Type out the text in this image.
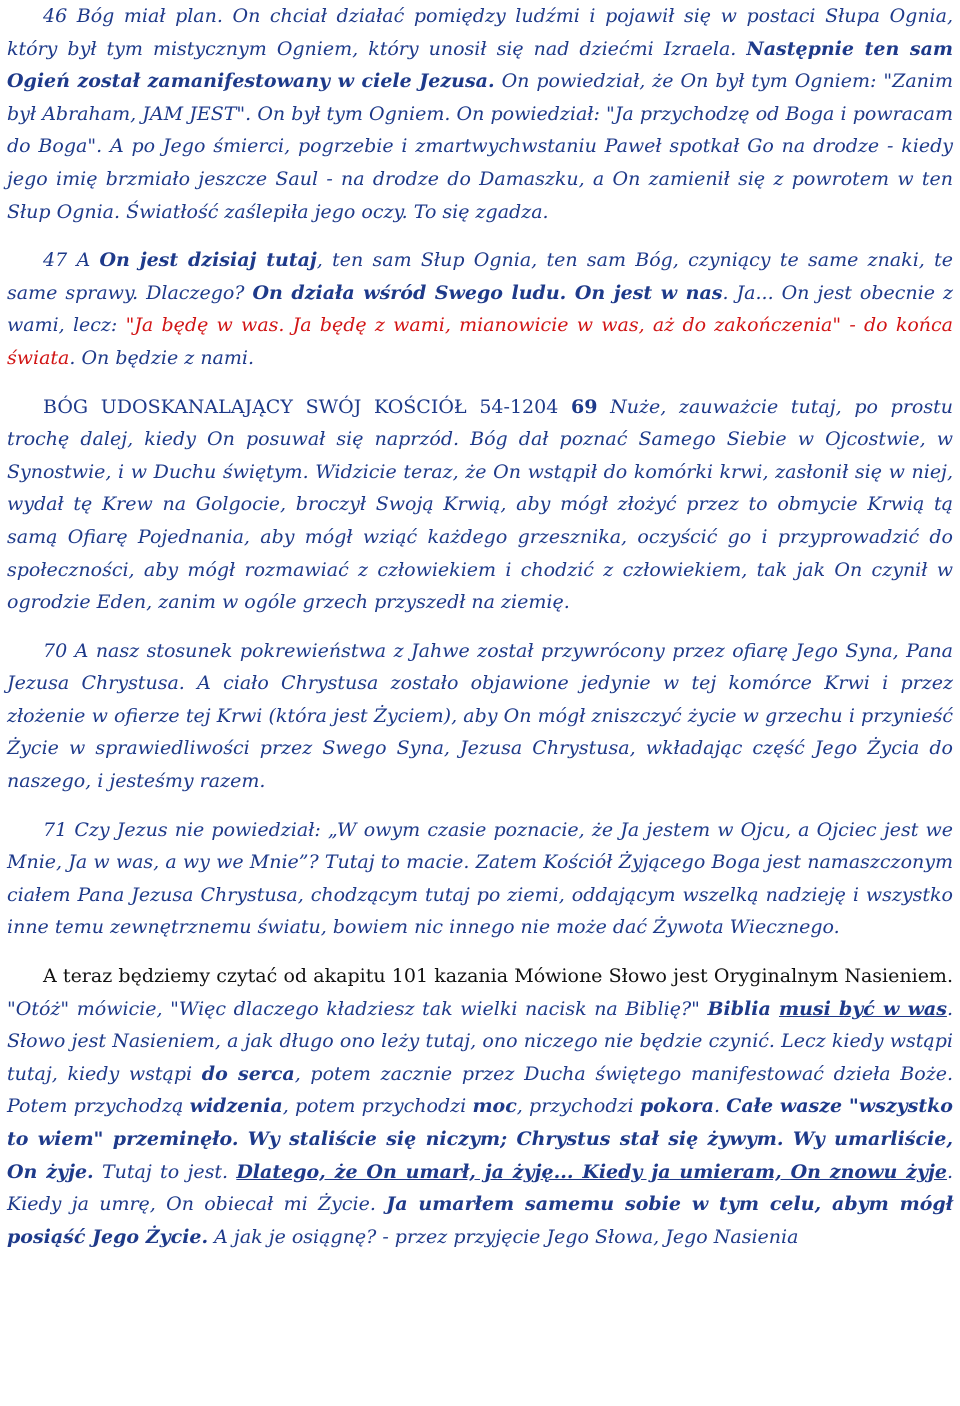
46 Bóg miał plan. On chciał działać pomiędzy ludźmi i pojawił się w postaci Słupa Ognia, który był tym mistycznym Ogniem, który unosił się nad dziećmi Izraela. Następnie ten sam Ogień został zamanifestowany w ciele Jezusa. On powiedział, że On był tym Ogniem: "Zanim był Abraham, JAM JEST". On był tym Ogniem. On powiedział: "Ja przychodzę od Boga i powracam do Boga". A po Jego śmierci, pogrzebie i zmartwychwstaniu Paweł spotkał Go na drodze - kiedy jego imię brzmiało jeszcze Saul - na drodze do Damaszku, a On zamienił się z powrotem w ten Słup Ognia. Światłość zaślepiła jego oczy. To się zgadza.

47 A On jest dzisiaj tutaj, ten sam Słup Ognia, ten sam Bóg, czyniący te same znaki, te same sprawy. Dlaczego? On działa wśród Swego ludu. On jest w nas. Ja... On jest obecnie z wami, lecz: "Ja będę w was. Ja będę z wami, mianowicie w was, aż do zakończenia" - do końca świata. On będzie z nami.

BÓG UDOSKANALAJĄCY SWÓJ KOŚCIÓŁ 54-1204 69 Nuże, zauważcie tutaj, po prostu trochę dalej, kiedy On posuwał się naprzód. Bóg dał poznać Samego Siebie w Ojcostwie, w Synostwie, i w Duchu świętym. Widzicie teraz, że On wstąpił do komórki krwi, zasłonił się w niej, wydał tę Krew na Golgocie, broczył Swoją Krwią, aby mógł złożyć przez to obmycie Krwią tą samą Ofiarę Pojednania, aby mógł wziąć każdego grzesznika, oczyścić go i przyprowadzić do społeczności, aby mógł rozmawiać z człowiekiem i chodzić z człowiekiem, tak jak On czynił w ogrodzie Eden, zanim w ogóle grzech przyszedł na ziemię.

70 A nasz stosunek pokrewieństwa z Jahwe został przywrócony przez ofiarę Jego Syna, Pana Jezusa Chrystusa. A ciało Chrystusa zostało objawione jedynie w tej komórce Krwi i przez złożenie w ofierze tej Krwi (która jest Życiem), aby On mógł zniszczyć życie w grzechu i przynieść Życie w sprawiedliwości przez Swego Syna, Jezusa Chrystusa, wkładając część Jego Życia do naszego, i jesteśmy razem.

71 Czy Jezus nie powiedział: „W owym czasie poznacie, że Ja jestem w Ojcu, a Ojciec jest we Mnie, Ja w was, a wy we Mnie”? Tutaj to macie. Zatem Kościół Żyjącego Boga jest namaszczonym ciałem Pana Jezusa Chrystusa, chodzącym tutaj po ziemi, oddającym wszelką nadzieję i wszystko inne temu zewnętrznemu światu, bowiem nic innego nie może dać Żywota Wiecznego.

A teraz będziemy czytać od akapitu 101 kazania Mówione Słowo jest Oryginalnym Nasieniem. "Otóż" mówicie, "Więc dlaczego kładziesz tak wielki nacisk na Biblię?" Biblia musi być w was. Słowo jest Nasieniem, a jak długo ono leży tutaj, ono niczego nie będzie czynić. Lecz kiedy wstąpi tutaj, kiedy wstąpi do serca, potem zacznie przez Ducha świętego manifestować dzieła Boże. Potem przychodzą widzenia, potem przychodzi moc, przychodzi pokora. Całe wasze "wszystko to wiem" przeminęło. Wy staliście się niczym; Chrystus stał się żywym. Wy umarliście, On żyje. Tutaj to jest. Dlatego, że On umarł, ja żyję... Kiedy ja umieram, On znowu żyje. Kiedy ja umrę, On obiecał mi Życie. Ja umarłem samemu sobie w tym celu, abym mógł posiąść Jego Życie. A jak je osiągnę? - przez przyjęcie Jego Słowa, Jego Nasienia
